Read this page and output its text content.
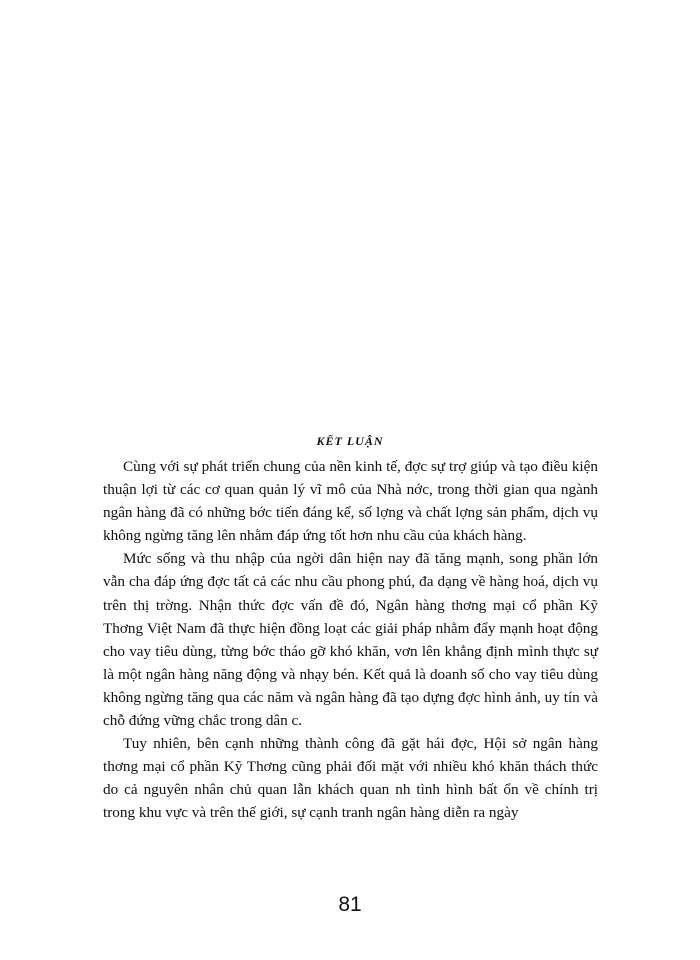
KẾT LUẬN

Cùng với sự phát triển chung của nền kinh tế, đợc sự trợ giúp và tạo điều kiện thuận lợi từ các cơ quan quản lý vĩ mô của Nhà nớc, trong thời gian qua ngành ngân hàng đã có những bớc tiến đáng kể, số lợng và chất lợng sản phẩm, dịch vụ không ngừng tăng lên nhằm đáp ứng tốt hơn nhu cầu của khách hàng.

Mức sống và thu nhập của ngời dân hiện nay đã tăng mạnh, song phần lớn vẫn cha đáp ứng đợc tất cả các nhu cầu phong phú, đa dạng về hàng hoá, dịch vụ trên thị trờng. Nhận thức đợc vấn đề đó, Ngân hàng thơng mại cổ phần Kỹ Thơng Việt Nam đã thực hiện đồng loạt các giải pháp nhằm đẩy mạnh hoạt động cho vay tiêu dùng, từng bớc tháo gỡ khó khăn, vơn lên khẳng định mình thực sự là một ngân hàng năng động và nhạy bén. Kết quả là doanh số cho vay tiêu dùng không ngừng tăng qua các năm và ngân hàng đã tạo dựng đợc hình ảnh, uy tín và chỗ đứng vững chắc trong dân c.

Tuy nhiên, bên cạnh những thành công đã gặt hái đợc, Hội sở ngân hàng thơng mại cổ phần Kỹ Thơng cũng phải đối mặt với nhiều khó khăn thách thức do cả nguyên nhân chủ quan lẫn khách quan nh tình hình bất ổn về chính trị trong khu vực và trên thế giới, sự cạnh tranh ngân hàng diễn ra ngày

81
